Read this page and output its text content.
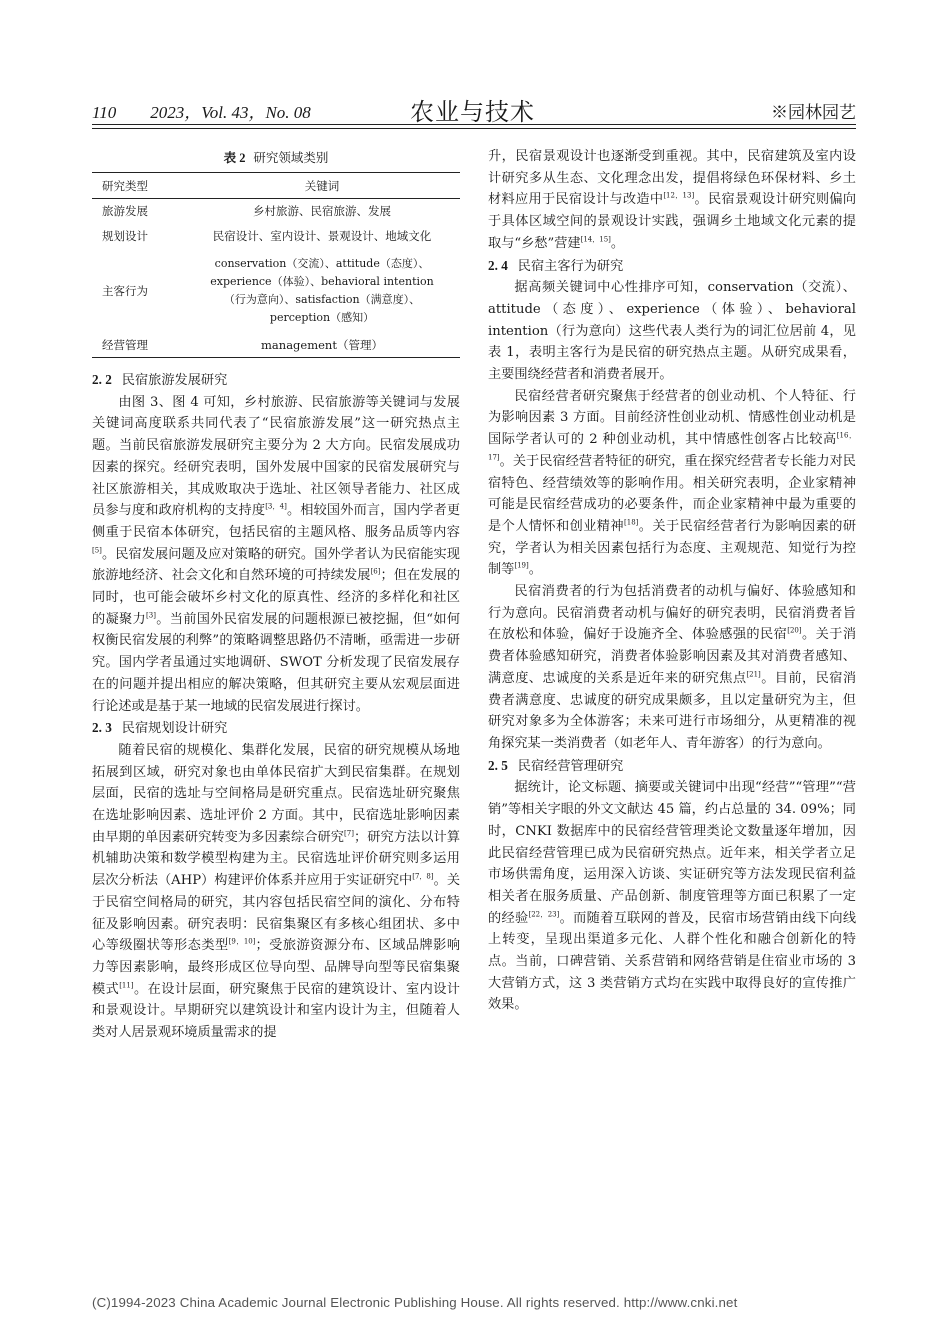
110　　2023，Vol. 43，No. 08	农业与技术	※园林园艺
表 2 研究领域类别
研究类型	关键词
旅游发展	乡村旅游、民宿旅游、发展
规划设计	民宿设计、室内设计、景观设计、地域文化
主客行为	conservation（交流）、attitude（态度）、
experience（体验）、behavioral intention
（行为意向）、satisfaction（满意度）、
perception（感知）
经营管理	management（管理）
2. 2 民宿旅游发展研究

由图 3、图 4 可知，乡村旅游、民宿旅游等关键词与发展关键词高度联系共同代表了“民宿旅游发展”这一研究热点主题。当前民宿旅游发展研究主要分为 2 大方向。民宿发展成功因素的探究。经研究表明，国外发展中国家的民宿发展研究与社区旅游相关，其成败取决于选址、社区领导者能力、社区成员参与度和政府机构的支持度[3，4]。相较国外而言，国内学者更侧重于民宿本体研究，包括民宿的主题风格、服务品质等内容[5]。民宿发展问题及应对策略的研究。国外学者认为民宿能实现旅游地经济、社会文化和自然环境的可持续发展[6]；但在发展的同时，也可能会破坏乡村文化的原真性、经济的多样化和社区的凝聚力[3]。当前国外民宿发展的问题根源已被挖掘，但“如何权衡民宿发展的利弊”的策略调整思路仍不清晰，亟需进一步研究。国内学者虽通过实地调研、SWOT 分析发现了民宿发展存在的问题并提出相应的解决策略，但其研究主要从宏观层面进行论述或是基于某一地域的民宿发展进行探讨。

2. 3 民宿规划设计研究

随着民宿的规模化、集群化发展，民宿的研究规模从场地拓展到区域，研究对象也由单体民宿扩大到民宿集群。在规划层面，民宿的选址与空间格局是研究重点。民宿选址研究聚焦在选址影响因素、选址评价 2 方面。其中，民宿选址影响因素由早期的单因素研究转变为多因素综合研究[7]；研究方法以计算机辅助决策和数学模型构建为主。民宿选址评价研究则多运用层次分析法（AHP）构建评价体系并应用于实证研究中[7，8]。关于民宿空间格局的研究，其内容包括民宿空间的演化、分布特征及影响因素。研究表明：民宿集聚区有多核心组团状、多中心等级圈状等形态类型[9，10]；受旅游资源分布、区域品牌影响力等因素影响，最终形成区位导向型、品牌导向型等民宿集聚模式[11]。在设计层面，研究聚焦于民宿的建筑设计、室内设计和景观设计。早期研究以建筑设计和室内设计为主，但随着人类对人居景观环境质量需求的提

升，民宿景观设计也逐渐受到重视。其中，民宿建筑及室内设计研究多从生态、文化理念出发，提倡将绿色环保材料、乡土材料应用于民宿设计与改造中[12，13]。民宿景观设计研究则偏向于具体区域空间的景观设计实践，强调乡土地域文化元素的提取与“乡愁”营建[14，15]。

2. 4 民宿主客行为研究

据高频关键词中心性排序可知，conservation（交流）、attitude（态度）、experience（体验）、behavioral intention（行为意向）这些代表人类行为的词汇位居前 4，见表 1，表明主客行为是民宿的研究热点主题。从研究成果看，主要围绕经营者和消费者展开。

民宿经营者研究聚焦于经营者的创业动机、个人特征、行为影响因素 3 方面。目前经济性创业动机、情感性创业动机是国际学者认可的 2 种创业动机，其中情感性创客占比较高[16，17]。关于民宿经营者特征的研究，重在探究经营者专长能力对民宿特色、经营绩效等的影响作用。相关研究表明，企业家精神可能是民宿经营成功的必要条件，而企业家精神中最为重要的是个人情怀和创业精神[18]。关于民宿经营者行为影响因素的研究，学者认为相关因素包括行为态度、主观规范、知觉行为控制等[19]。

民宿消费者的行为包括消费者的动机与偏好、体验感知和行为意向。民宿消费者动机与偏好的研究表明，民宿消费者旨在放松和体验，偏好于设施齐全、体验感强的民宿[20]。关于消费者体验感知研究，消费者体验影响因素及其对消费者感知、满意度、忠诚度的关系是近年来的研究焦点[21]。目前，民宿消费者满意度、忠诚度的研究成果颇多，且以定量研究为主，但研究对象多为全体游客；未来可进行市场细分，从更精准的视角探究某一类消费者（如老年人、青年游客）的行为意向。

2. 5 民宿经营管理研究

据统计，论文标题、摘要或关键词中出现“经营”“管理”“营销”等相关字眼的外文文献达 45 篇，约占总量的 34. 09%；同时，CNKI 数据库中的民宿经营管理类论文数量逐年增加，因此民宿经营管理已成为民宿研究热点。近年来，相关学者立足市场供需角度，运用深入访谈、实证研究等方法发现民宿利益相关者在服务质量、产品创新、制度管理等方面已积累了一定的经验[22，23]。而随着互联网的普及，民宿市场营销由线下向线上转变，呈现出渠道多元化、人群个性化和融合创新化的特点。当前，口碑营销、关系营销和网络营销是住宿业市场的 3 大营销方式，这 3 类营销方式均在实践中取得良好的宣传推广效果。

(C)1994-2023 China Academic Journal Electronic Publishing House. All rights reserved. http://www.cnki.net
